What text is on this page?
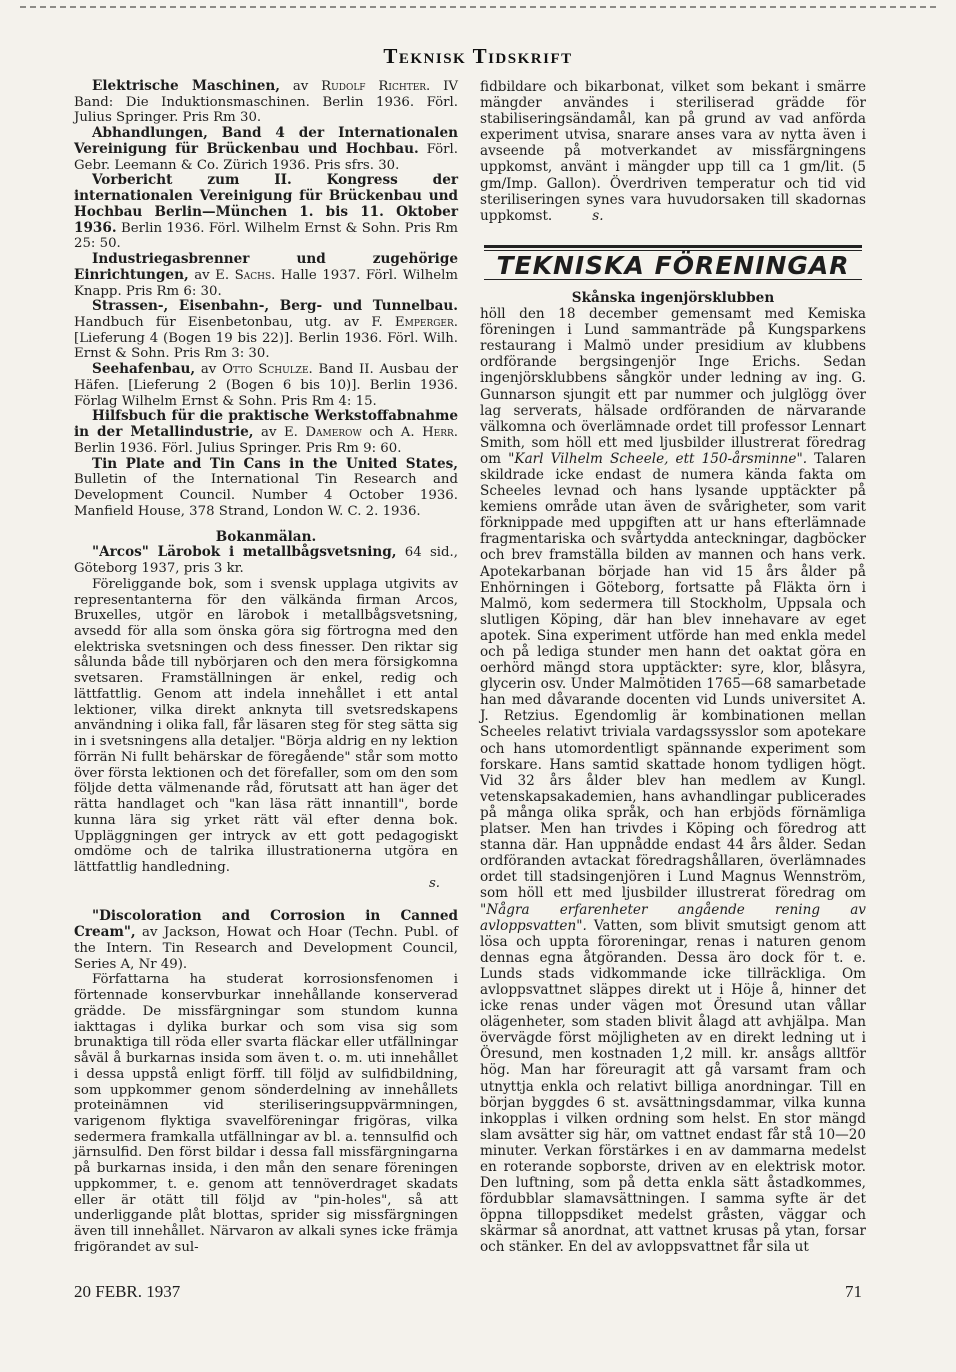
Teknisk Tidskrift

Elektrische Maschinen, av Rudolf Richter. IV Band: Die Induktionsmaschinen. Berlin 1936. Förl. Julius Springer. Pris Rm 30.

Abhandlungen, Band 4 der Internationalen Vereinigung für Brückenbau und Hochbau. Förl. Gebr. Leemann & Co. Zürich 1936. Pris sfrs. 30.

Vorbericht zum II. Kongress der internationalen Vereinigung für Brückenbau und Hochbau Berlin—München 1. bis 11. Oktober 1936. Berlin 1936. Förl. Wilhelm Ernst & Sohn. Pris Rm 25: 50.

Industriegasbrenner und zugehörige Einrichtungen, av E. Sachs. Halle 1937. Förl. Wilhelm Knapp. Pris Rm 6: 30.

Strassen-, Eisenbahn-, Berg- und Tunnelbau. Handbuch für Eisenbetonbau, utg. av F. Emperger. [Lieferung 4 (Bogen 19 bis 22)]. Berlin 1936. Förl. Wilh. Ernst & Sohn. Pris Rm 3: 30.

Seehafenbau, av Otto Schulze. Band II. Ausbau der Häfen. [Lieferung 2 (Bogen 6 bis 10)]. Berlin 1936. Förlag Wilhelm Ernst & Sohn. Pris Rm 4: 15.

Hilfsbuch für die praktische Werkstoffabnahme in der Metallindustrie, av E. Damerow och A. Herr. Berlin 1936. Förl. Julius Springer. Pris Rm 9: 60.

Tin Plate and Tin Cans in the United States, Bulletin of the International Tin Research and Development Council. Number 4 October 1936. Manfield House, 378 Strand, London W. C. 2. 1936.

Bokanmälan.

"Arcos" Lärobok i metallbågsvetsning, 64 sid., Göteborg 1937, pris 3 kr.

Föreliggande bok, som i svensk upplaga utgivits av representanterna för den välkända firman Arcos, Bruxelles, utgör en lärobok i metallbågsvetsning, avsedd för alla som önska göra sig förtrogna med den elektriska svetsningen och dess finesser. Den riktar sig sålunda både till nybörjaren och den mera försigkomna svetsaren. Framställningen är enkel, redig och lättfattlig. Genom att indela innehållet i ett antal lektioner, vilka direkt anknyta till svetsredskapens användning i olika fall, får läsaren steg för steg sätta sig in i svetsningens alla detaljer. "Börja aldrig en ny lektion förrän Ni fullt behärskar de föregående" står som motto över första lektionen och det förefaller, som om den som följde detta välmenande råd, förutsatt att han äger det rätta handlaget och "kan läsa rätt innantill", borde kunna lära sig yrket rätt väl efter denna bok. Uppläggningen ger intryck av ett gott pedagogiskt omdöme och de talrika illustrationerna utgöra en lättfattlig handledning.

s.

"Discoloration and Corrosion in Canned Cream", av Jackson, Howat och Hoar (Techn. Publ. of the Intern. Tin Research and Development Council, Series A, Nr 49).

Författarna ha studerat korrosionsfenomen i förtennade konservburkar innehållande konserverad grädde. De missfärgningar som stundom kunna iakttagas i dylika burkar och som visa sig som brunaktiga till röda eller svarta fläckar eller utfällningar såväl å burkarnas insida som även t. o. m. uti innehållet i dessa uppstå enligt förff. till följd av sulfidbildning, som uppkommer genom sönderdelning av innehållets proteinämnen vid steriliseringsuppvärmningen, varigenom flyktiga svavelföreningar frigöras, vilka sedermera framkalla utfällningar av bl. a. tennsulfid och järnsulfid. Den först bildar i dessa fall missfärgningarna på burkarnas insida, i den mån den senare föreningen uppkommer, t. e. genom att tennöverdraget skadats eller är otätt till följd av "pin-holes", så att underliggande plåt blottas, sprider sig missfärgningen även till innehållet. Närvaron av alkali synes icke främja frigörandet av sul-

fidbildare och bikarbonat, vilket som bekant i smärre mängder användes i steriliserad grädde för stabiliseringsändamål, kan på grund av vad anförda experiment utvisa, snarare anses vara av nytta även i avseende på motverkandet av missfärgningens uppkomst, använt i mängder upp till ca 1 gm/lit. (5 gm/Imp. Gallon). Överdriven temperatur och tid vid steriliseringen synes vara huvudorsaken till skadornas uppkomst.	s.

TEKNISKA FÖRENINGAR

Skånska ingenjörsklubben

höll den 18 december gemensamt med Kemiska föreningen i Lund sammanträde på Kungsparkens restaurang i Malmö under presidium av klubbens ordförande bergsingenjör Inge Erichs. Sedan ingenjörsklubbens sångkör under ledning av ing. G. Gunnarson sjungit ett par nummer och julglögg över lag serverats, hälsade ordföranden de närvarande välkomna och överlämnade ordet till professor Lennart Smith, som höll ett med ljusbilder illustrerat föredrag om "Karl Vilhelm Scheele, ett 150-årsminne". Talaren skildrade icke endast de numera kända fakta om Scheeles levnad och hans lysande upptäckter på kemiens område utan även de svårigheter, som varit förknippade med uppgiften att ur hans efterlämnade fragmentariska och svårtydda anteckningar, dagböcker och brev framställa bilden av mannen och hans verk. Apotekarbanan började han vid 15 års ålder på Enhörningen i Göteborg, fortsatte på Fläkta örn i Malmö, kom sedermera till Stockholm, Uppsala och slutligen Köping, där han blev innehavare av eget apotek. Sina experiment utförde han med enkla medel och på lediga stunder men hann det oaktat göra en oerhörd mängd stora upptäckter: syre, klor, blåsyra, glycerin osv. Under Malmötiden 1765—68 samarbetade han med dåvarande docenten vid Lunds universitet A. J. Retzius. Egendomlig är kombinationen mellan Scheeles relativt triviala vardagssysslor som apotekare och hans utomordentligt spännande experiment som forskare. Hans samtid skattade honom tydligen högt. Vid 32 års ålder blev han medlem av Kungl. vetenskapsakademien, hans avhandlingar publicerades på många olika språk, och han erbjöds förnämliga platser. Men han trivdes i Köping och föredrog att stanna där. Han uppnådde endast 44 års ålder. Sedan ordföranden avtackat föredragshållaren, överlämnades ordet till stadsingenjören i Lund Magnus Wennström, som höll ett med ljusbilder illustrerat föredrag om "Några erfarenheter angående rening av avloppsvatten". Vatten, som blivit smutsigt genom att lösa och uppta föroreningar, renas i naturen genom dennas egna åtgöranden. Dessa äro dock för t. e. Lunds stads vidkommande icke tillräckliga. Om avloppsvattnet släppes direkt ut i Höje å, hinner det icke renas under vägen mot Öresund utan vållar olägenheter, som staden blivit ålagd att avhjälpa. Man övervägde först möjligheten av en direkt ledning ut i Öresund, men kostnaden 1,2 mill. kr. ansågs alltför hög. Man har föreuragit att gå varsamt fram och utnyttja enkla och relativt billiga anordningar. Till en början byggdes 6 st. avsättningsdammar, vilka kunna inkopplas i vilken ordning som helst. En stor mängd slam avsätter sig här, om vattnet endast får stå 10—20 minuter. Verkan förstärkes i en av dammarna medelst en roterande sopborste, driven av en elektrisk motor. Den luftning, som på detta enkla sätt åstadkommes, fördubblar slamavsättningen. I samma syfte är det öppna tilloppsdiket medelst gråsten, väggar och skärmar så anordnat, att vattnet krusas på ytan, forsar och stänker. En del av avloppsvattnet får sila ut

20 FEBR. 1937	71
